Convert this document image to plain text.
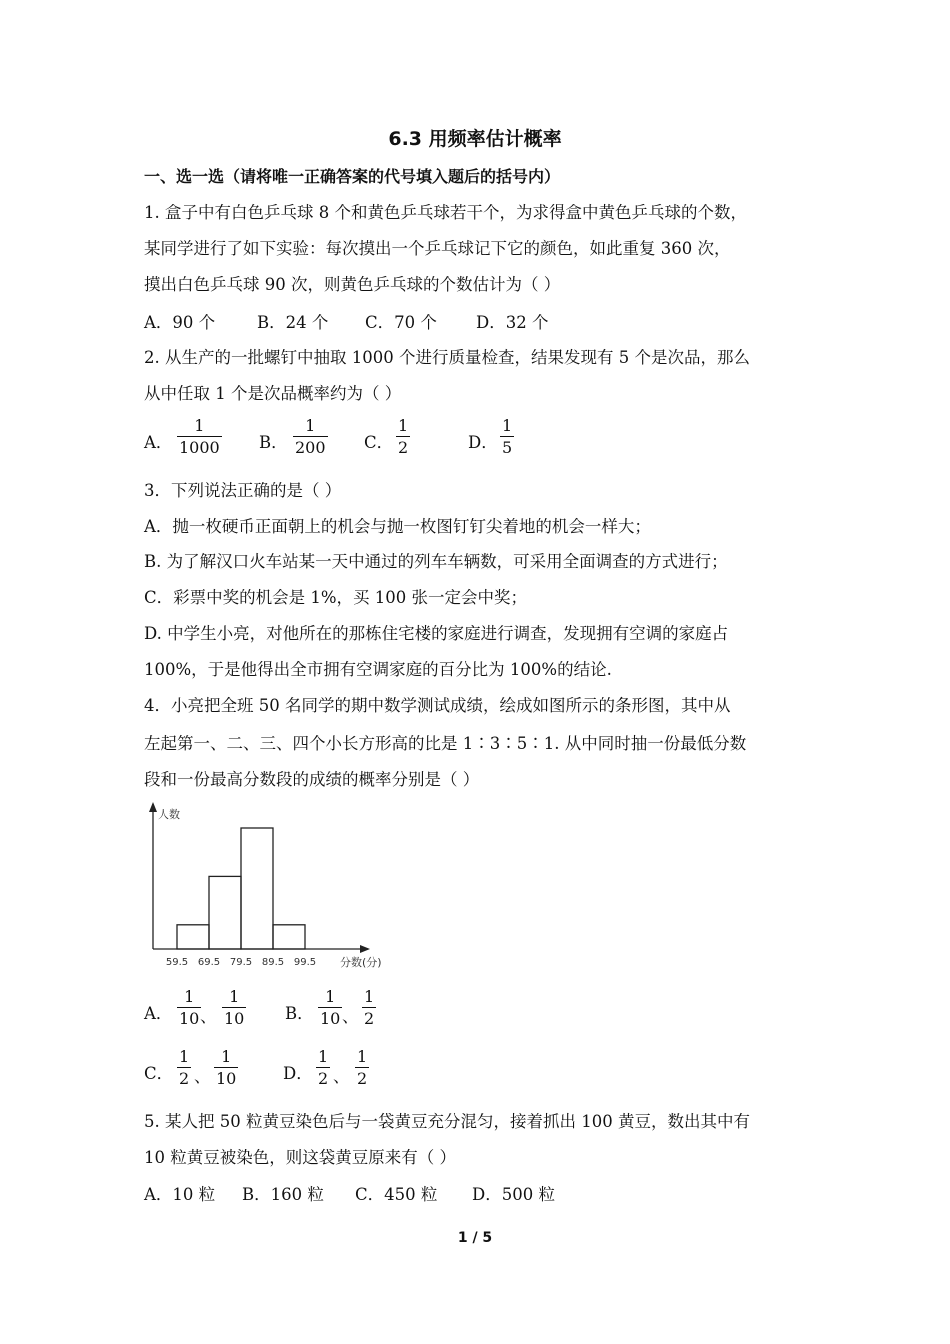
6.3 用频率估计概率
一、选一选（请将唯一正确答案的代号填入题后的括号内）
1. 盒子中有白色乒乓球 8 个和黄色乒乓球若干个，为求得盒中黄色乒乓球的个数，
某同学进行了如下实验：每次摸出一个乒乓球记下它的颜色，如此重复 360 次，
摸出白色乒乓球 90 次，则黄色乒乓球的个数估计为（ ）
A．90 个	B．24 个 C．70 个 D．32 个
2. 从生产的一批螺钉中抽取 1000 个进行质量检查，结果发现有 5 个是次品，那么
从中任取 1 个是次品概率约为（ ）
A． $\frac{1}{1000}$ B． $\frac{1}{200}$ C． $\frac{1}{2}$	D． $\frac{1}{5}$
3．下列说法正确的是（ ）
A．抛一枚硬币正面朝上的机会与抛一枚图钉钉尖着地的机会一样大；
B. 为了解汉口火车站某一天中通过的列车车辆数，可采用全面调查的方式进行；
C．彩票中奖的机会是 1%，买 100 张一定会中奖；
D. 中学生小亮，对他所在的那栋住宅楼的家庭进行调查，发现拥有空调的家庭占
100%，于是他得出全市拥有空调家庭的百分比为 100%的结论.
4．小亮把全班 50 名同学的期中数学测试成绩，绘成如图所示的条形图，其中从
左起第一、二、三、四个小长方形高的比是 1∶3∶5∶1. 从中同时抽一份最低分数
段和一份最高分数段的成绩的概率分别是（ ）
59.5 69.5 79.5 89.5 99.5
人数
分数(分)
A． $\frac{1}{10}$
、 $\frac{1}{10}$ B． $\frac{1}{10}$ 、 $\frac{1}{2}$
C． $\frac{1}{2}$ 、 $\frac{1}{10}$	D． $\frac{1}{2}$ 、 $\frac{1}{2}$
5. 某人把 50 粒黄豆染色后与一袋黄豆充分混匀，接着抓出 100 黄豆，数出其中有
10 粒黄豆被染色，则这袋黄豆原来有（ ）
A．10 粒 B．160 粒 C．450 粒 D．500 粒
1 / 5
